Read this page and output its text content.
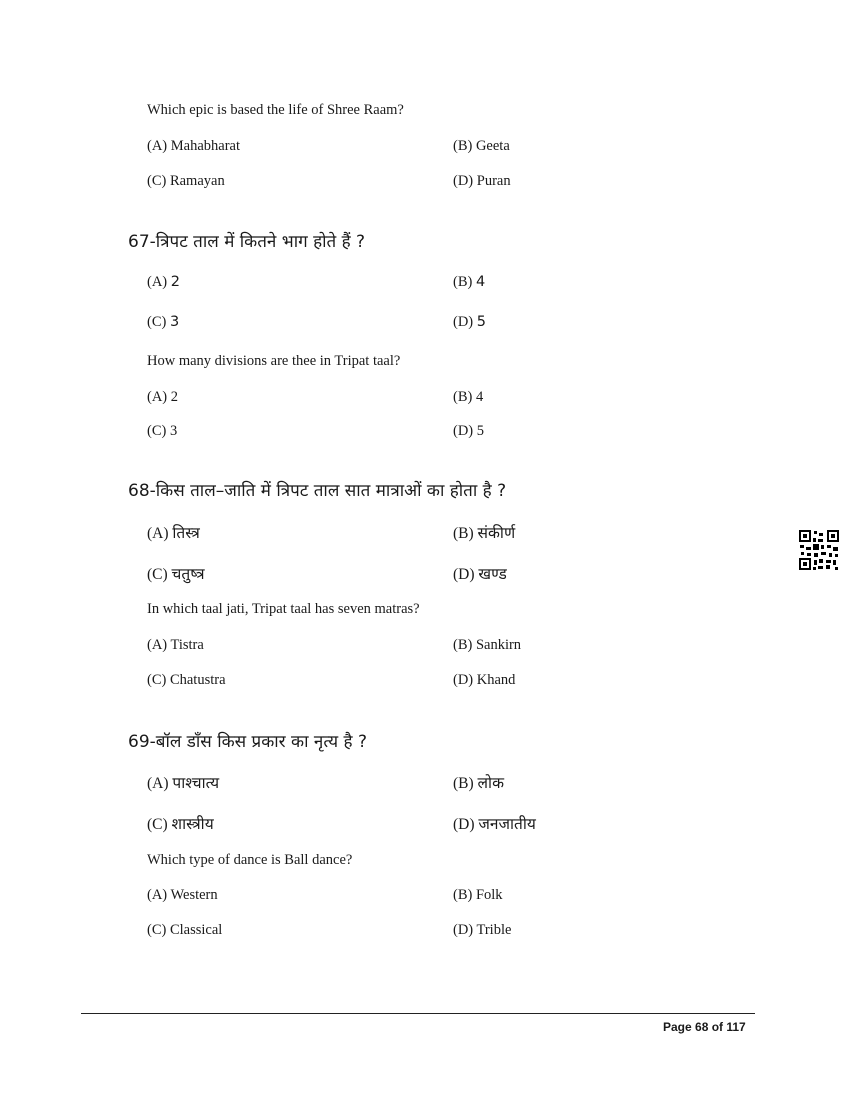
Which epic is based the life of Shree Raam?
(A) Mahabharat	(B) Geeta
(C) Ramayan	(D) Puran
67-त्रिपट ताल में कितने भाग होते हैं ?
(A) 2	(B) 4
(C) 3	(D) 5
How many divisions are thee in Tripat taal?
(A) 2	(B) 4
(C) 3	(D) 5
68-किस ताल–जाति में त्रिपट ताल सात मात्राओं का होता है ?
(A) तिस्त्र	(B) संकीर्ण
(C) चतुष्त्र	(D) खण्ड
In which taal jati, Tripat taal has seven matras?
(A) Tistra	(B) Sankirn
(C) Chatustra	(D) Khand
69-बॉल डाँस किस प्रकार का नृत्य है ?
(A) पाश्चात्य	(B) लोक
(C) शास्त्रीय	(D) जनजातीय
Which type of dance is Ball dance?
(A) Western	(B) Folk
(C) Classical	(D) Trible
Page 68 of 117
